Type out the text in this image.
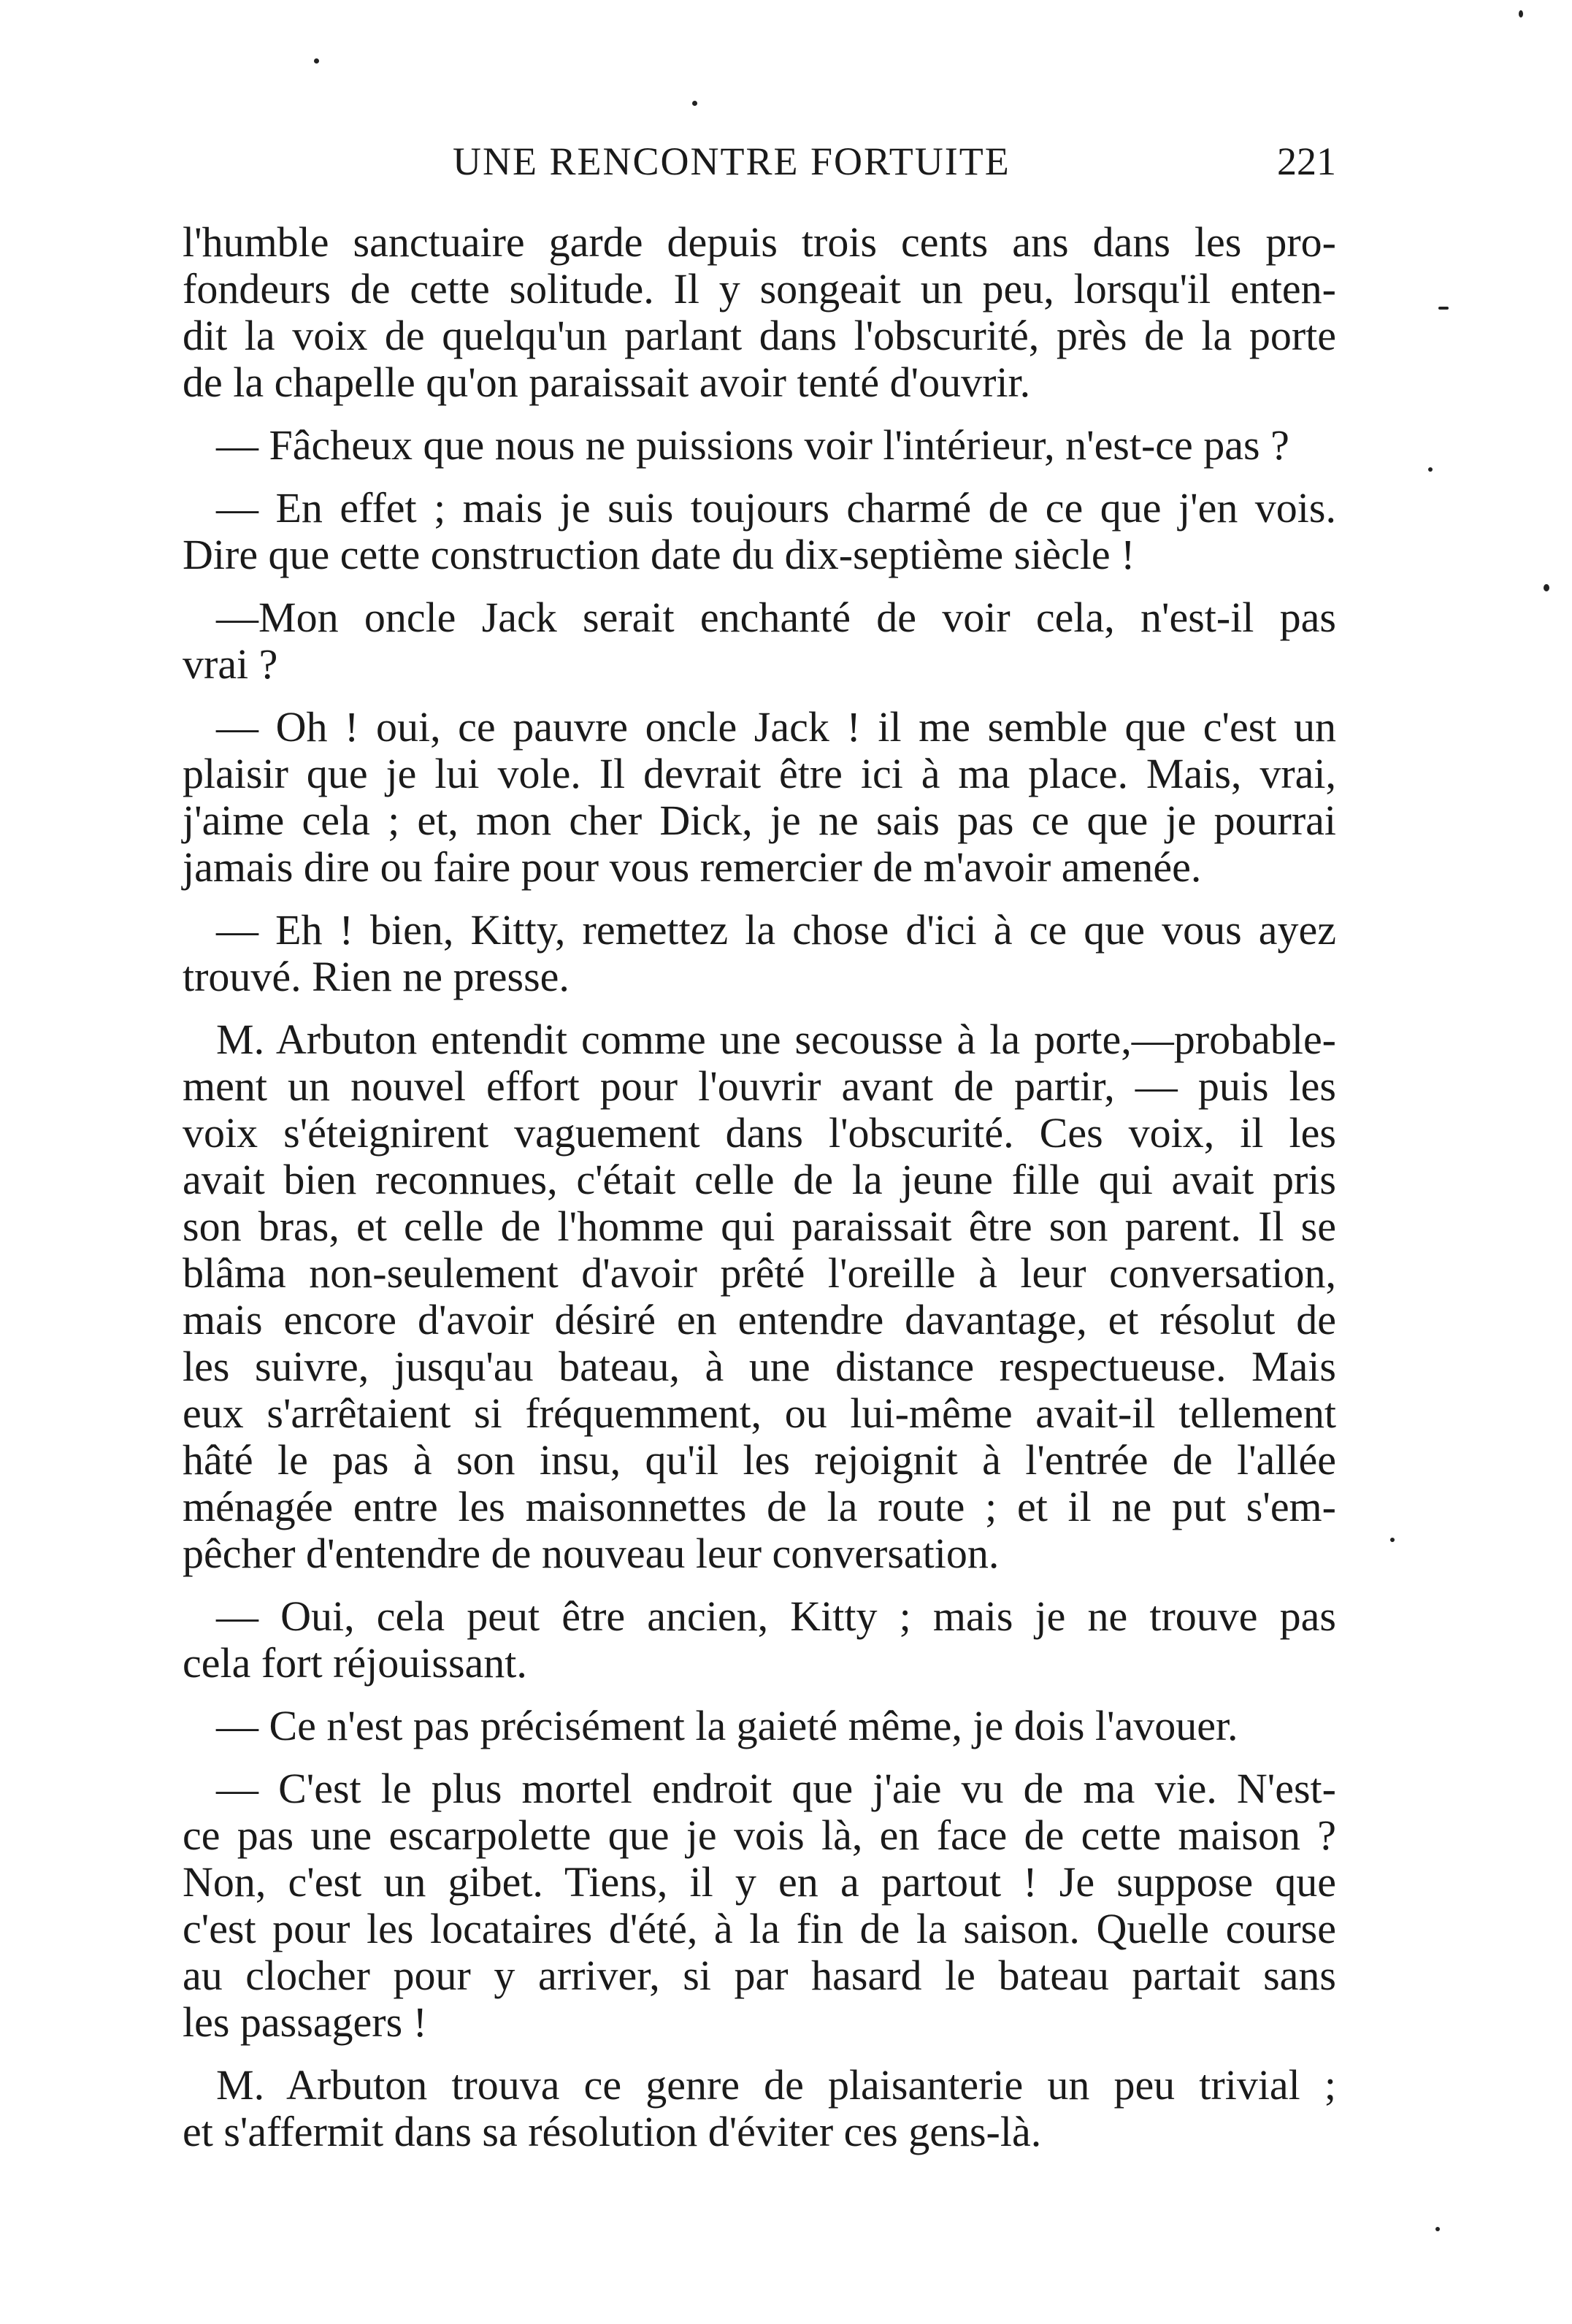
UNE RENCONTRE FORTUITE	221
l'humble sanctuaire garde depuis trois cents ans dans les pro-
fondeurs de cette solitude. Il y songeait un peu, lorsqu'il enten-
dit la voix de quelqu'un parlant dans l'obscurité, près de la porte
de la chapelle qu'on paraissait avoir tenté d'ouvrir.
— Fâcheux que nous ne puissions voir l'intérieur, n'est-ce pas ?
— En effet ; mais je suis toujours charmé de ce que j'en vois.
Dire que cette construction date du dix-septième siècle !
—Mon oncle Jack serait enchanté de voir cela, n'est-il pas
vrai ?
— Oh ! oui, ce pauvre oncle Jack ! il me semble que c'est un
plaisir que je lui vole. Il devrait être ici à ma place. Mais, vrai,
j'aime cela ; et, mon cher Dick, je ne sais pas ce que je pourrai
jamais dire ou faire pour vous remercier de m'avoir amenée.
— Eh ! bien, Kitty, remettez la chose d'ici à ce que vous ayez
trouvé. Rien ne presse.
M. Arbuton entendit comme une secousse à la porte,—probable-
ment un nouvel effort pour l'ouvrir avant de partir, — puis les
voix s'éteignirent vaguement dans l'obscurité. Ces voix, il les
avait bien reconnues, c'était celle de la jeune fille qui avait pris
son bras, et celle de l'homme qui paraissait être son parent. Il se
blâma non-seulement d'avoir prêté l'oreille à leur conversation,
mais encore d'avoir désiré en entendre davantage, et résolut de
les suivre, jusqu'au bateau, à une distance respectueuse. Mais
eux s'arrêtaient si fréquemment, ou lui-même avait-il tellement
hâté le pas à son insu, qu'il les rejoignit à l'entrée de l'allée
ménagée entre les maisonnettes de la route ; et il ne put s'em-
pêcher d'entendre de nouveau leur conversation.
— Oui, cela peut être ancien, Kitty ; mais je ne trouve pas
cela fort réjouissant.
— Ce n'est pas précisément la gaieté même, je dois l'avouer.
— C'est le plus mortel endroit que j'aie vu de ma vie. N'est-
ce pas une escarpolette que je vois là, en face de cette maison ?
Non, c'est un gibet. Tiens, il y en a partout ! Je suppose que
c'est pour les locataires d'été, à la fin de la saison. Quelle course
au clocher pour y arriver, si par hasard le bateau partait sans
les passagers !
M. Arbuton trouva ce genre de plaisanterie un peu trivial ;
et s'affermit dans sa résolution d'éviter ces gens-là.
